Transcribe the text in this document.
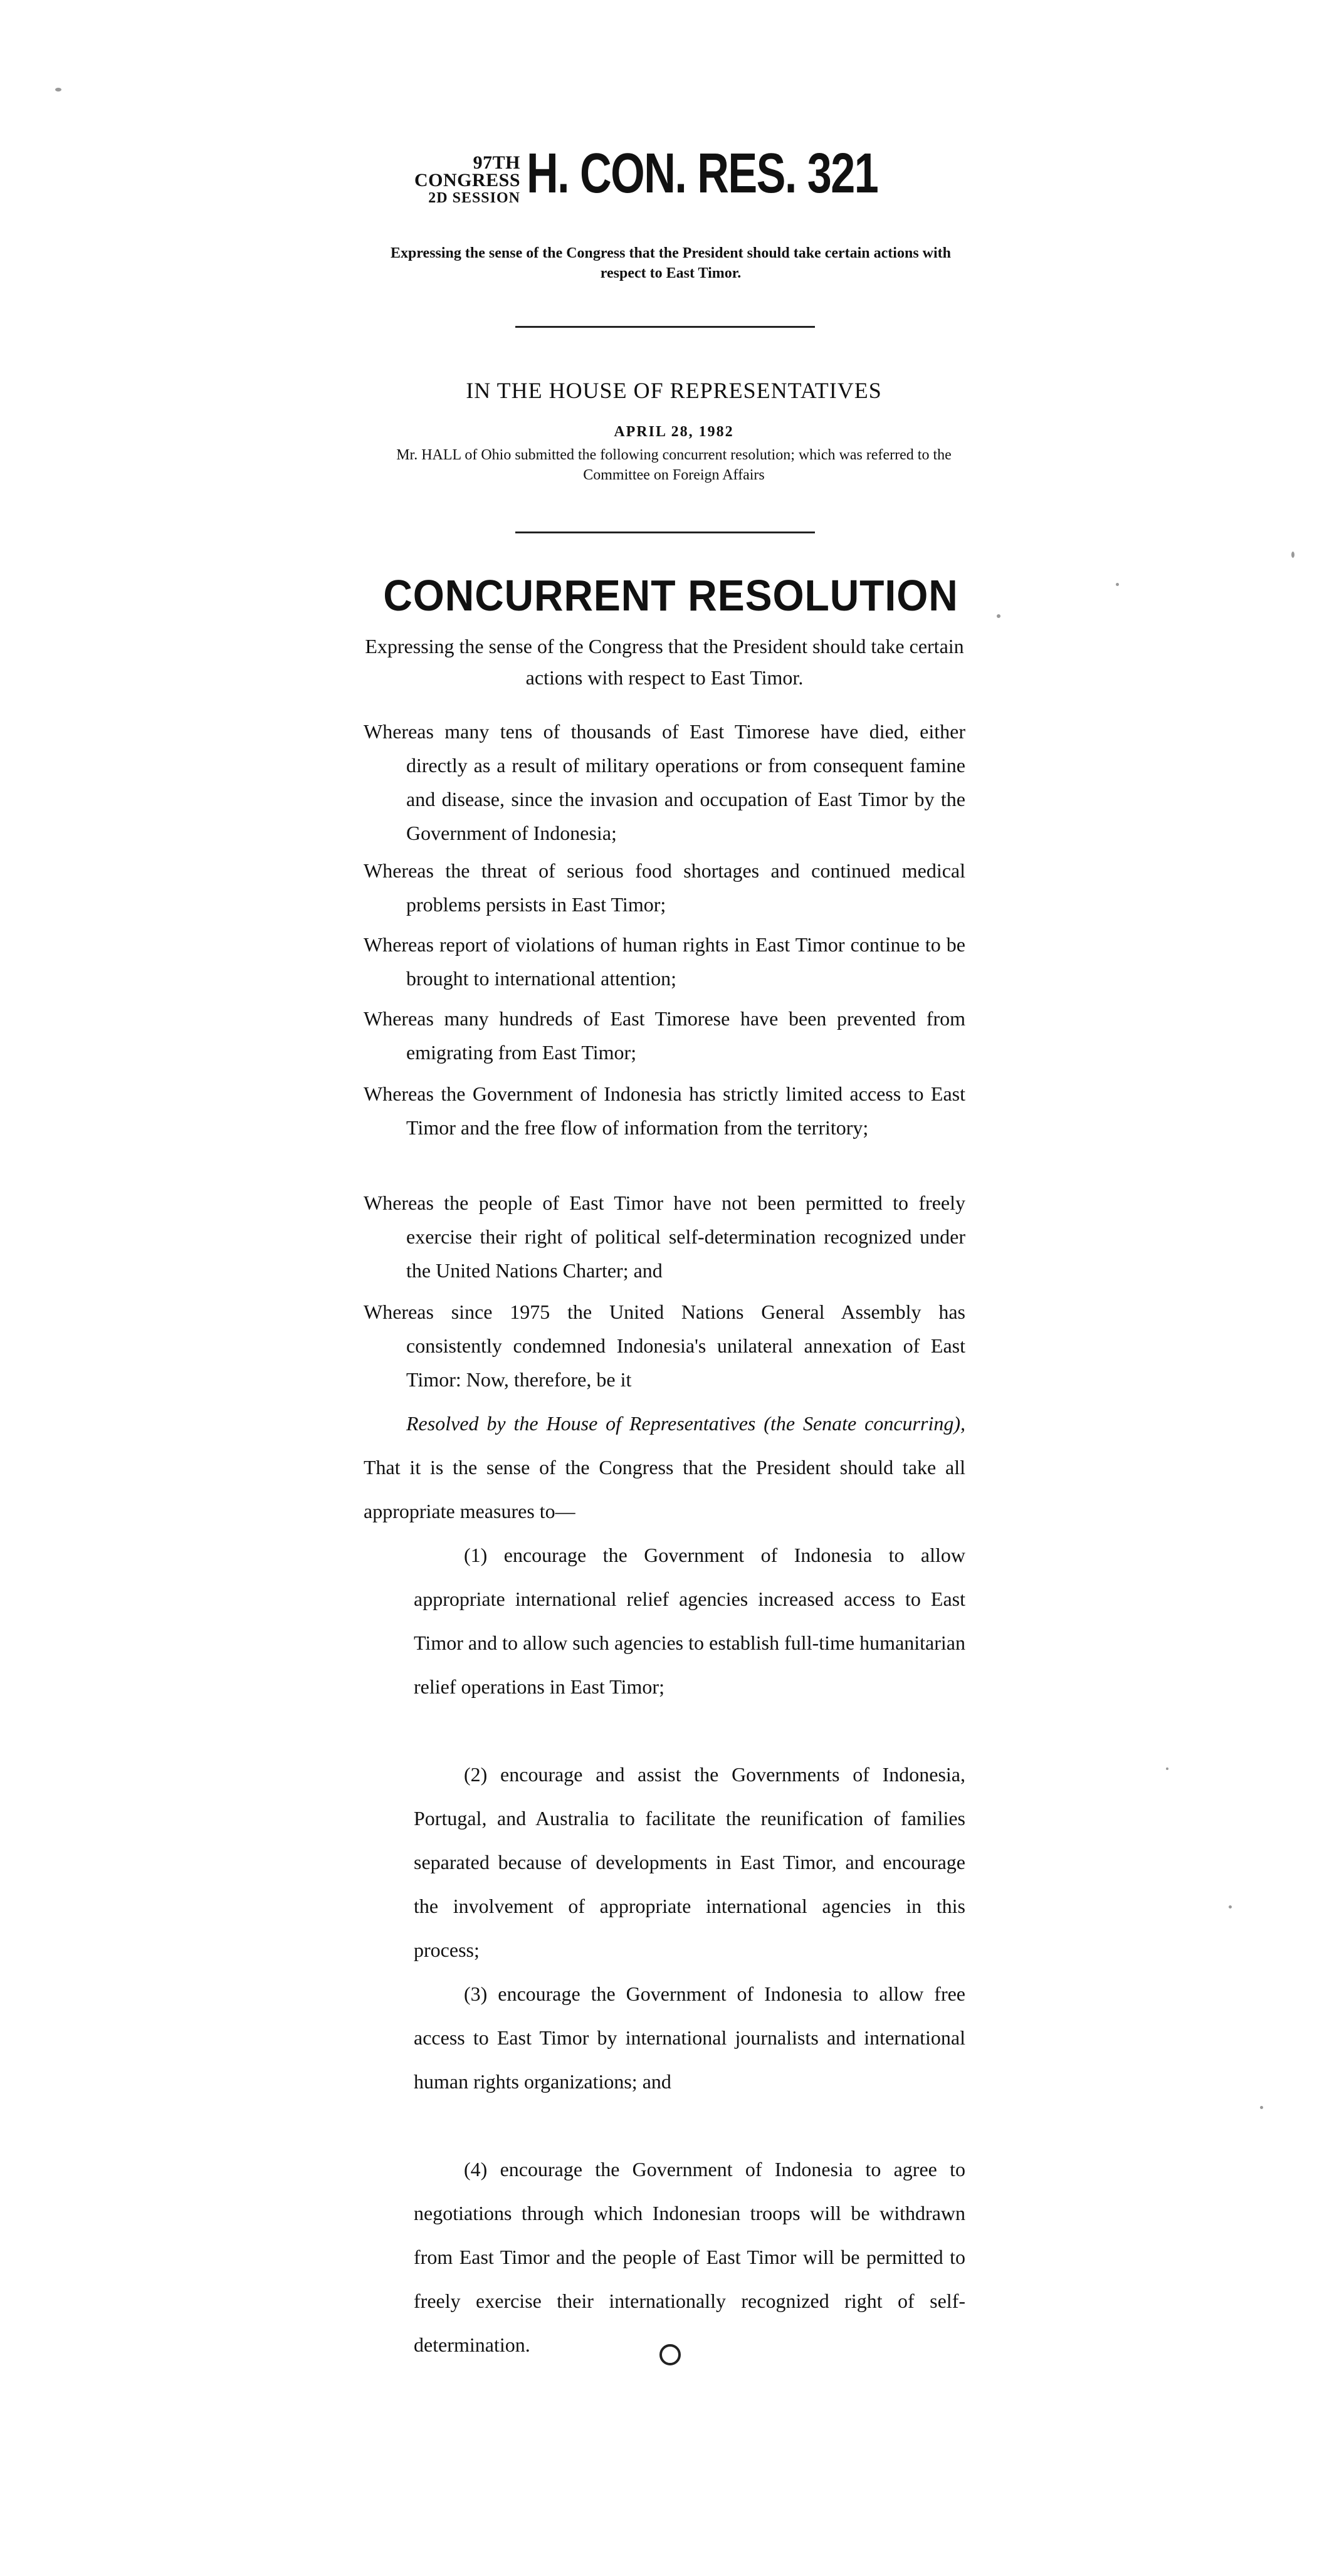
97TH CONGRESS
2D SESSION H. CON. RES. 321
Expressing the sense of the Congress that the President should take certain actions with respect to East Timor.
IN THE HOUSE OF REPRESENTATIVES
APRIL 28, 1982
Mr. HALL of Ohio submitted the following concurrent resolution; which was referred to the Committee on Foreign Affairs
CONCURRENT RESOLUTION
Expressing the sense of the Congress that the President should take certain actions with respect to East Timor.
Whereas many tens of thousands of East Timorese have died, either directly as a result of military operations or from consequent famine and disease, since the invasion and occupation of East Timor by the Government of Indonesia;
Whereas the threat of serious food shortages and continued medical problems persists in East Timor;
Whereas report of violations of human rights in East Timor continue to be brought to international attention;
Whereas many hundreds of East Timorese have been prevented from emigrating from East Timor;
Whereas the Government of Indonesia has strictly limited access to East Timor and the free flow of information from the territory;
Whereas the people of East Timor have not been permitted to freely exercise their right of political self-determination recognized under the United Nations Charter; and
Whereas since 1975 the United Nations General Assembly has consistently condemned Indonesia's unilateral annexation of East Timor: Now, therefore, be it
Resolved by the House of Representatives (the Senate concurring), That it is the sense of the Congress that the President should take all appropriate measures to—
(1) encourage the Government of Indonesia to allow appropriate international relief agencies increased access to East Timor and to allow such agencies to establish full-time humanitarian relief operations in East Timor;
(2) encourage and assist the Governments of Indonesia, Portugal, and Australia to facilitate the reunification of families separated because of developments in East Timor, and encourage the involvement of appropriate international agencies in this process;
(3) encourage the Government of Indonesia to allow free access to East Timor by international journalists and international human rights organizations; and
(4) encourage the Government of Indonesia to agree to negotiations through which Indonesian troops will be withdrawn from East Timor and the people of East Timor will be permitted to freely exercise their internationally recognized right of self-determination.
